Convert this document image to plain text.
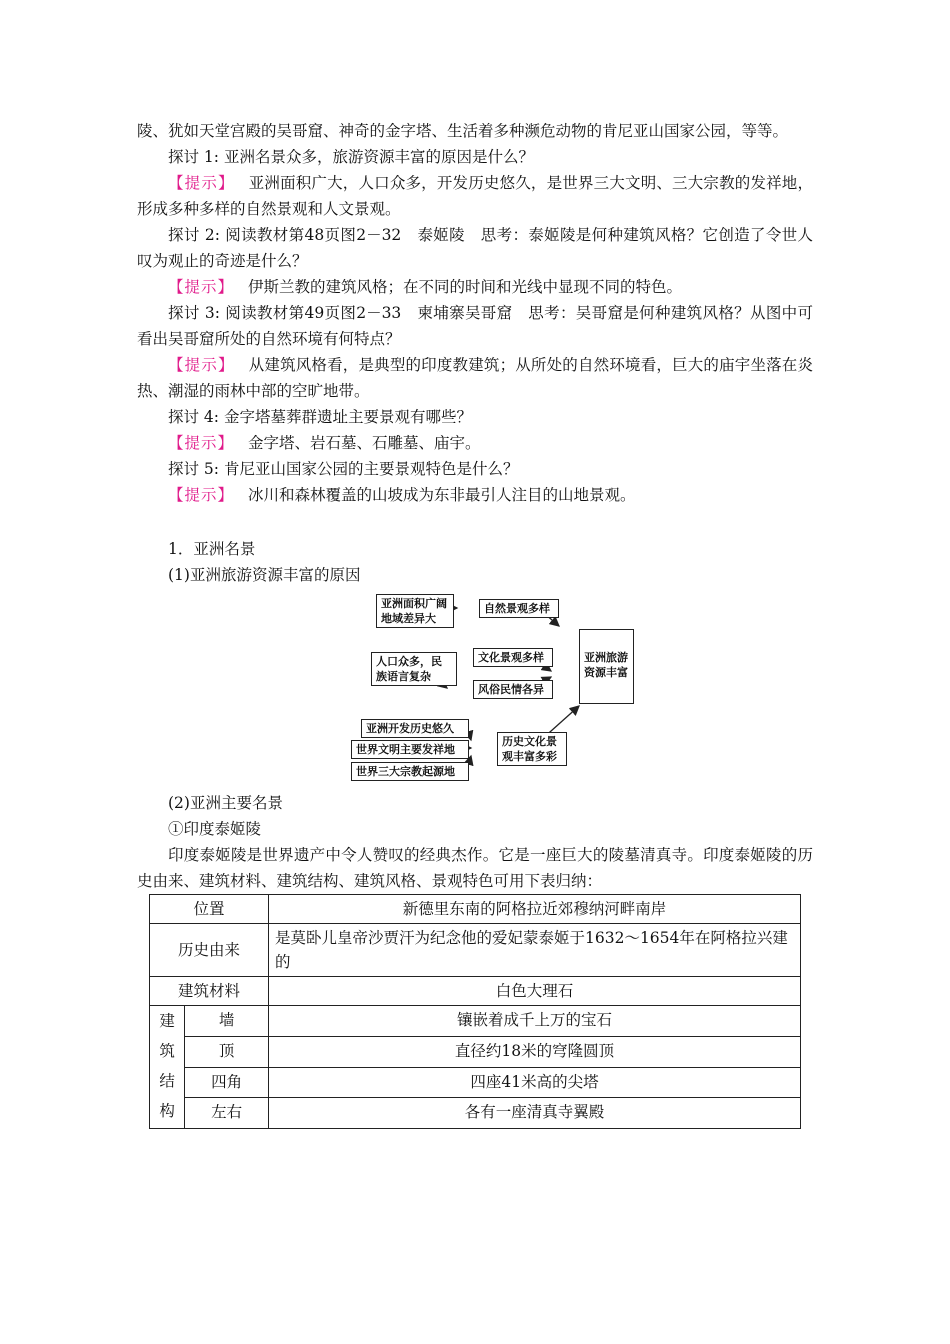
陵、犹如天堂宫殿的吴哥窟、神奇的金字塔、生活着多种濒危动物的肯尼亚山国家公园，等等。

探讨 1: 亚洲名景众多，旅游资源丰富的原因是什么？

【提示】 亚洲面积广大，人口众多，开发历史悠久，是世界三大文明、三大宗教的发祥地，形成多种多样的自然景观和人文景观。

探讨 2: 阅读教材第48页图2－32　泰姬陵　思考：泰姬陵是何种建筑风格？它创造了令世人叹为观止的奇迹是什么？

【提示】 伊斯兰教的建筑风格；在不同的时间和光线中显现不同的特色。

探讨 3: 阅读教材第49页图2－33　柬埔寨吴哥窟　思考：吴哥窟是何种建筑风格？从图中可看出吴哥窟所处的自然环境有何特点？

【提示】 从建筑风格看，是典型的印度教建筑；从所处的自然环境看，巨大的庙宇坐落在炎热、潮湿的雨林中部的空旷地带。

探讨 4: 金字塔墓葬群遗址主要景观有哪些？

【提示】 金字塔、岩石墓、石雕墓、庙宇。

探讨 5: 肯尼亚山国家公园的主要景观特色是什么？

【提示】 冰川和森林覆盖的山坡成为东非最引人注目的山地景观。

1．亚洲名景

(1)亚洲旅游资源丰富的原因

亚洲面积广阔地域差异大
自然景观多样
人口众多，民族语言复杂
文化景观多样
风俗民情各异
亚洲开发历史悠久
世界文明主要发祥地
世界三大宗教起源地
历史文化景观丰富多彩
亚洲旅游资源丰富

(2)亚洲主要名景

①印度泰姬陵

印度泰姬陵是世界遗产中令人赞叹的经典杰作。它是一座巨大的陵墓清真寺。印度泰姬陵的历史由来、建筑材料、建筑结构、建筑风格、景观特色可用下表归纳：

位置		新德里东南的阿格拉近郊穆纳河畔南岸
历史由来		是莫卧儿皇帝沙贾汗为纪念他的爱妃蒙泰姬于1632～1654年在阿格拉兴建的
建筑材料		白色大理石
建筑结构	墙	镶嵌着成千上万的宝石
	顶	直径约18米的穹隆圆顶
	四角	四座41米高的尖塔
	左右	各有一座清真寺翼殿
